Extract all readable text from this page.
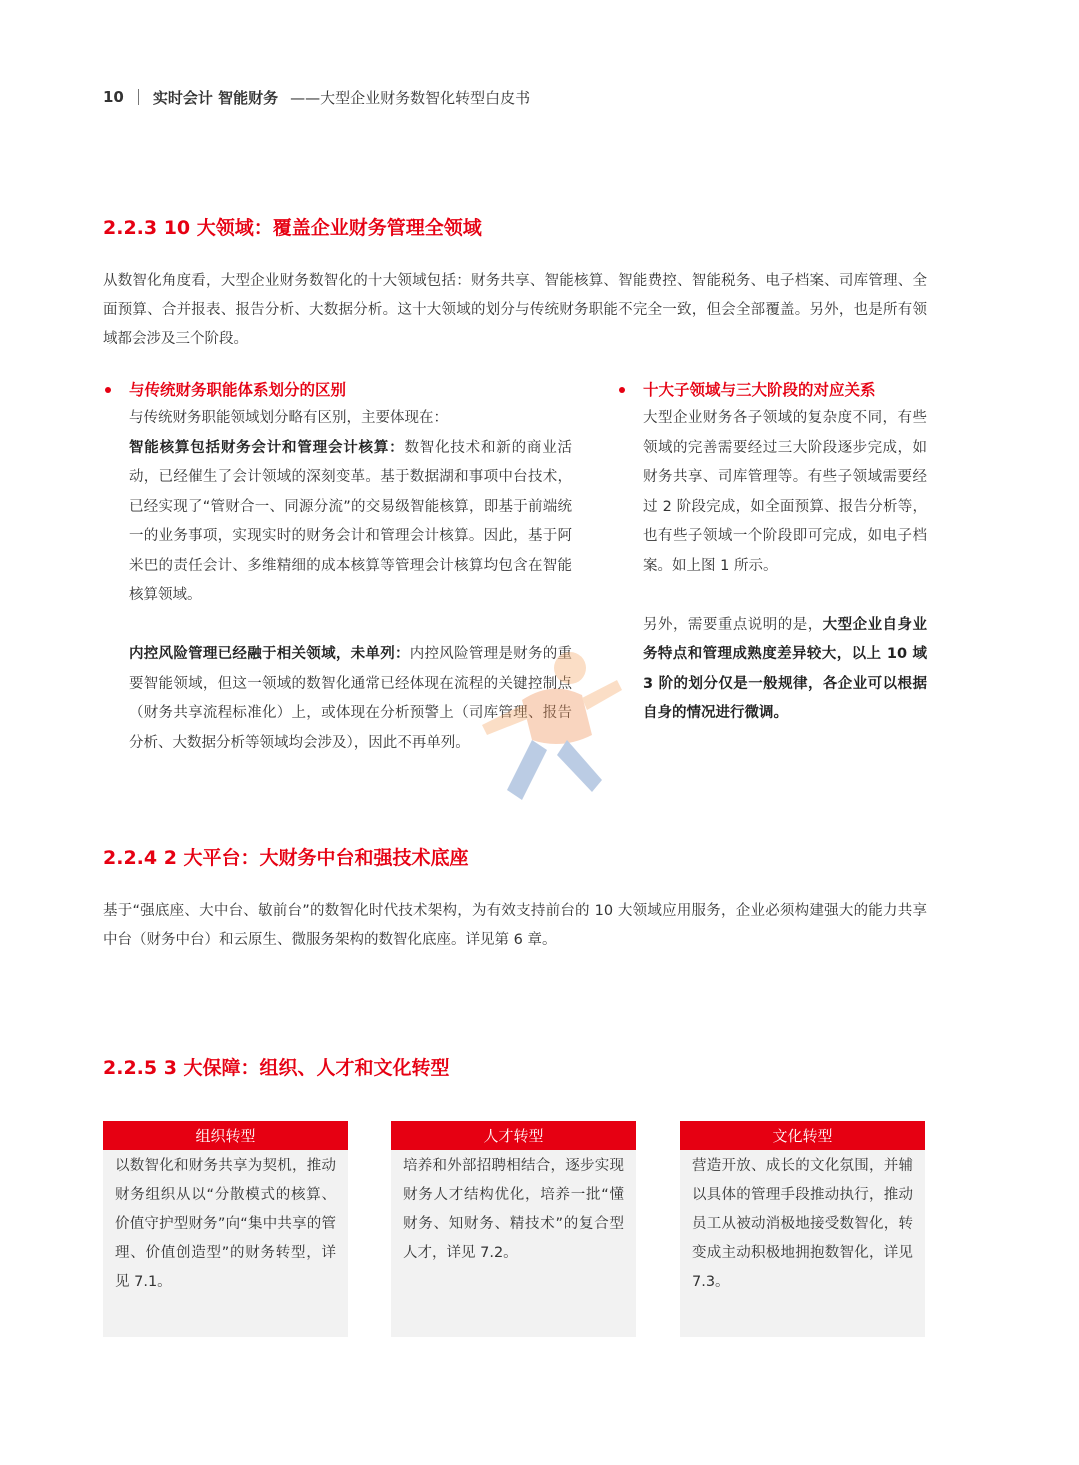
10 实时会计 智能财务 ——大型企业财务数智化转型白皮书
2.2.3 10 大领域：覆盖企业财务管理全领域
从数智化角度看，大型企业财务数智化的十大领域包括：财务共享、智能核算、智能费控、智能税务、电子档案、司库管理、全面预算、合并报表、报告分析、大数据分析。这十大领域的划分与传统财务职能不完全一致，但会全部覆盖。另外，也是所有领域都会涉及三个阶段。
与传统财务职能体系划分的区别

与传统财务职能领域划分略有区别，主要体现在：

智能核算包括财务会计和管理会计核算：数智化技术和新的商业活动，已经催生了会计领域的深刻变革。基于数据湖和事项中台技术，已经实现了“管财合一、同源分流”的交易级智能核算，即基于前端统一的业务事项，实现实时的财务会计和管理会计核算。因此，基于阿米巴的责任会计、多维精细的成本核算等管理会计核算均包含在智能核算领域。

内控风险管理已经融于相关领域，未单列：内控风险管理是财务的重要智能领域，但这一领域的数智化通常已经体现在流程的关键控制点（财务共享流程标准化）上，或体现在分析预警上（司库管理、报告分析、大数据分析等领域均会涉及），因此不再单列。

十大子领域与三大阶段的对应关系

大型企业财务各子领域的复杂度不同，有些领域的完善需要经过三大阶段逐步完成，如财务共享、司库管理等。有些子领域需要经过 2 阶段完成，如全面预算、报告分析等，也有些子领域一个阶段即可完成，如电子档案。如上图 1 所示。

另外，需要重点说明的是，大型企业自身业务特点和管理成熟度差异较大，以上 10 域 3 阶的划分仅是一般规律，各企业可以根据自身的情况进行微调。

2.2.4 2 大平台：大财务中台和强技术底座
基于“强底座、大中台、敏前台”的数智化时代技术架构，为有效支持前台的 10 大领域应用服务，企业必须构建强大的能力共享中台（财务中台）和云原生、微服务架构的数智化底座。详见第 6 章。
2.2.5 3 大保障：组织、人才和文化转型
组织转型
以数智化和财务共享为契机，推动财务组织从以“分散模式的核算、价值守护型财务”向“集中共享的管理、价值创造型”的财务转型，详见 7.1。
人才转型
培养和外部招聘相结合，逐步实现财务人才结构优化，培养一批“懂财务、知财务、精技术”的复合型人才，详见 7.2。
文化转型
营造开放、成长的文化氛围，并辅以具体的管理手段推动执行，推动员工从被动消极地接受数智化，转变成主动积极地拥抱数智化，详见 7.3。
